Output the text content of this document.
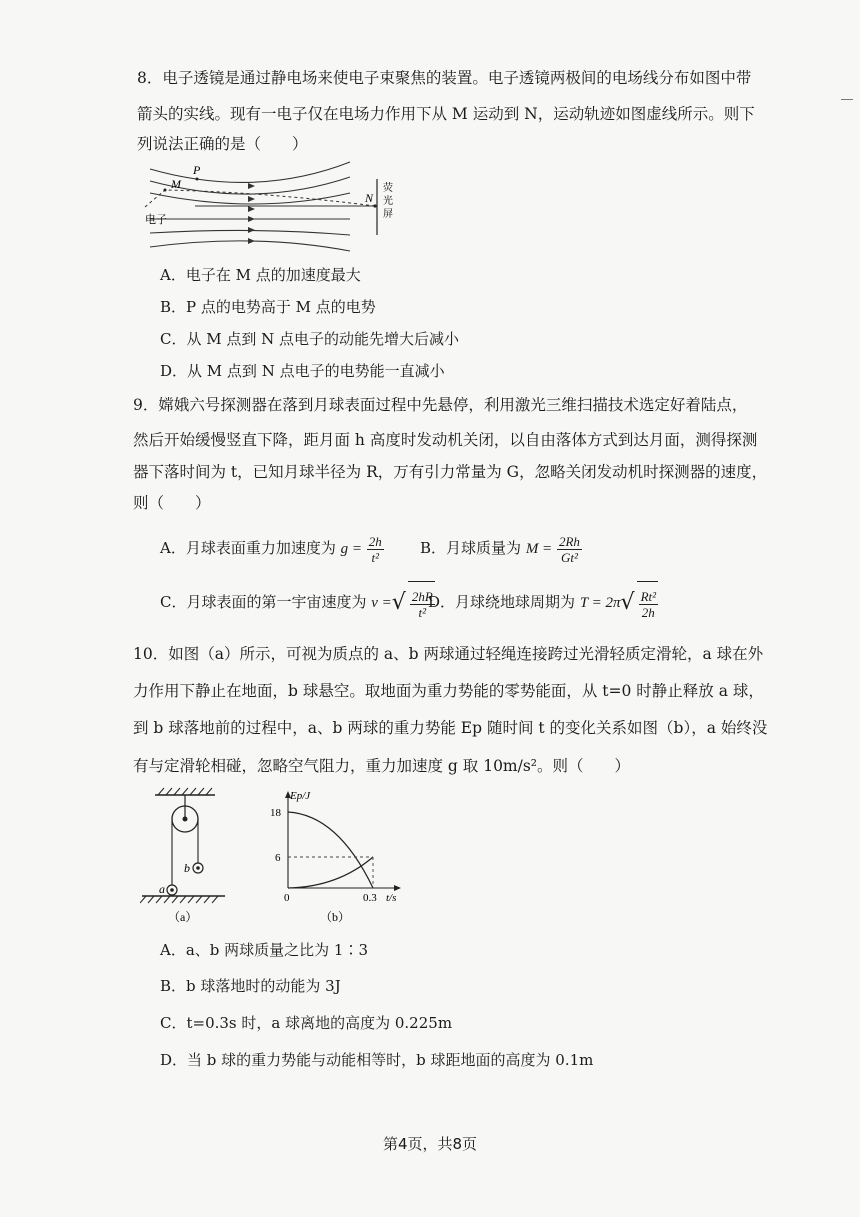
8．电子透镜是通过静电场来使电子束聚焦的装置。电子透镜两极间的电场线分布如图中带
箭头的实线。现有一电子仅在电场力作用下从 M 运动到 N，运动轨迹如图虚线所示。则下
列说法正确的是（　　）
M
P
N
电子
荧
光
屏
A．电子在 M 点的加速度最大
B．P 点的电势高于 M 点的电势
C．从 M 点到 N 点电子的动能先增大后减小
D．从 M 点到 N 点电子的电势能一直减小
9．嫦娥六号探测器在落到月球表面过程中先悬停，利用激光三维扫描技术选定好着陆点，
然后开始缓慢竖直下降，距月面 h 高度时发动机关闭，以自由落体方式到达月面，测得探测
器下落时间为 t，已知月球半径为 R，万有引力常量为 G，忽略关闭发动机时探测器的速度，
则（　　）
A．月球表面重力加速度为 $g = \frac{2h}{\text{t²}}$ B．月球质量为 $M = \frac{2Rh}{\text{Gt²}}$
C．月球表面的第一宇宙速度为 v =√ $\frac{2hR}{\text{t²}}$
D．月球绕地球周期为 $T = 2\pi√ \frac{\text{Rt²}}{2h}$
10．如图（a）所示，可视为质点的 a、b 两球通过轻绳连接跨过光滑轻质定滑轮，a 球在外
力作用下静止在地面，b 球悬空。取地面为重力势能的零势能面，从 t=0 时静止释放 a 球，
到 b 球落地前的过程中，a、b 两球的重力势能 Ep 随时间 t 的变化关系如图（b），a 始终没
有与定滑轮相碰，忽略空气阻力，重力加速度 g 取 10m/s²。则（　　）
b
a
（a）
Ep/J
18
6
0	0.3 t/s
（b）
A．a、b 两球质量之比为 1∶3
B．b 球落地时的动能为 3J
C．t=0.3s 时，a 球离地的高度为 0.225m
D．当 b 球的重力势能与动能相等时，b 球距地面的高度为 0.1m
第4页，共8页
